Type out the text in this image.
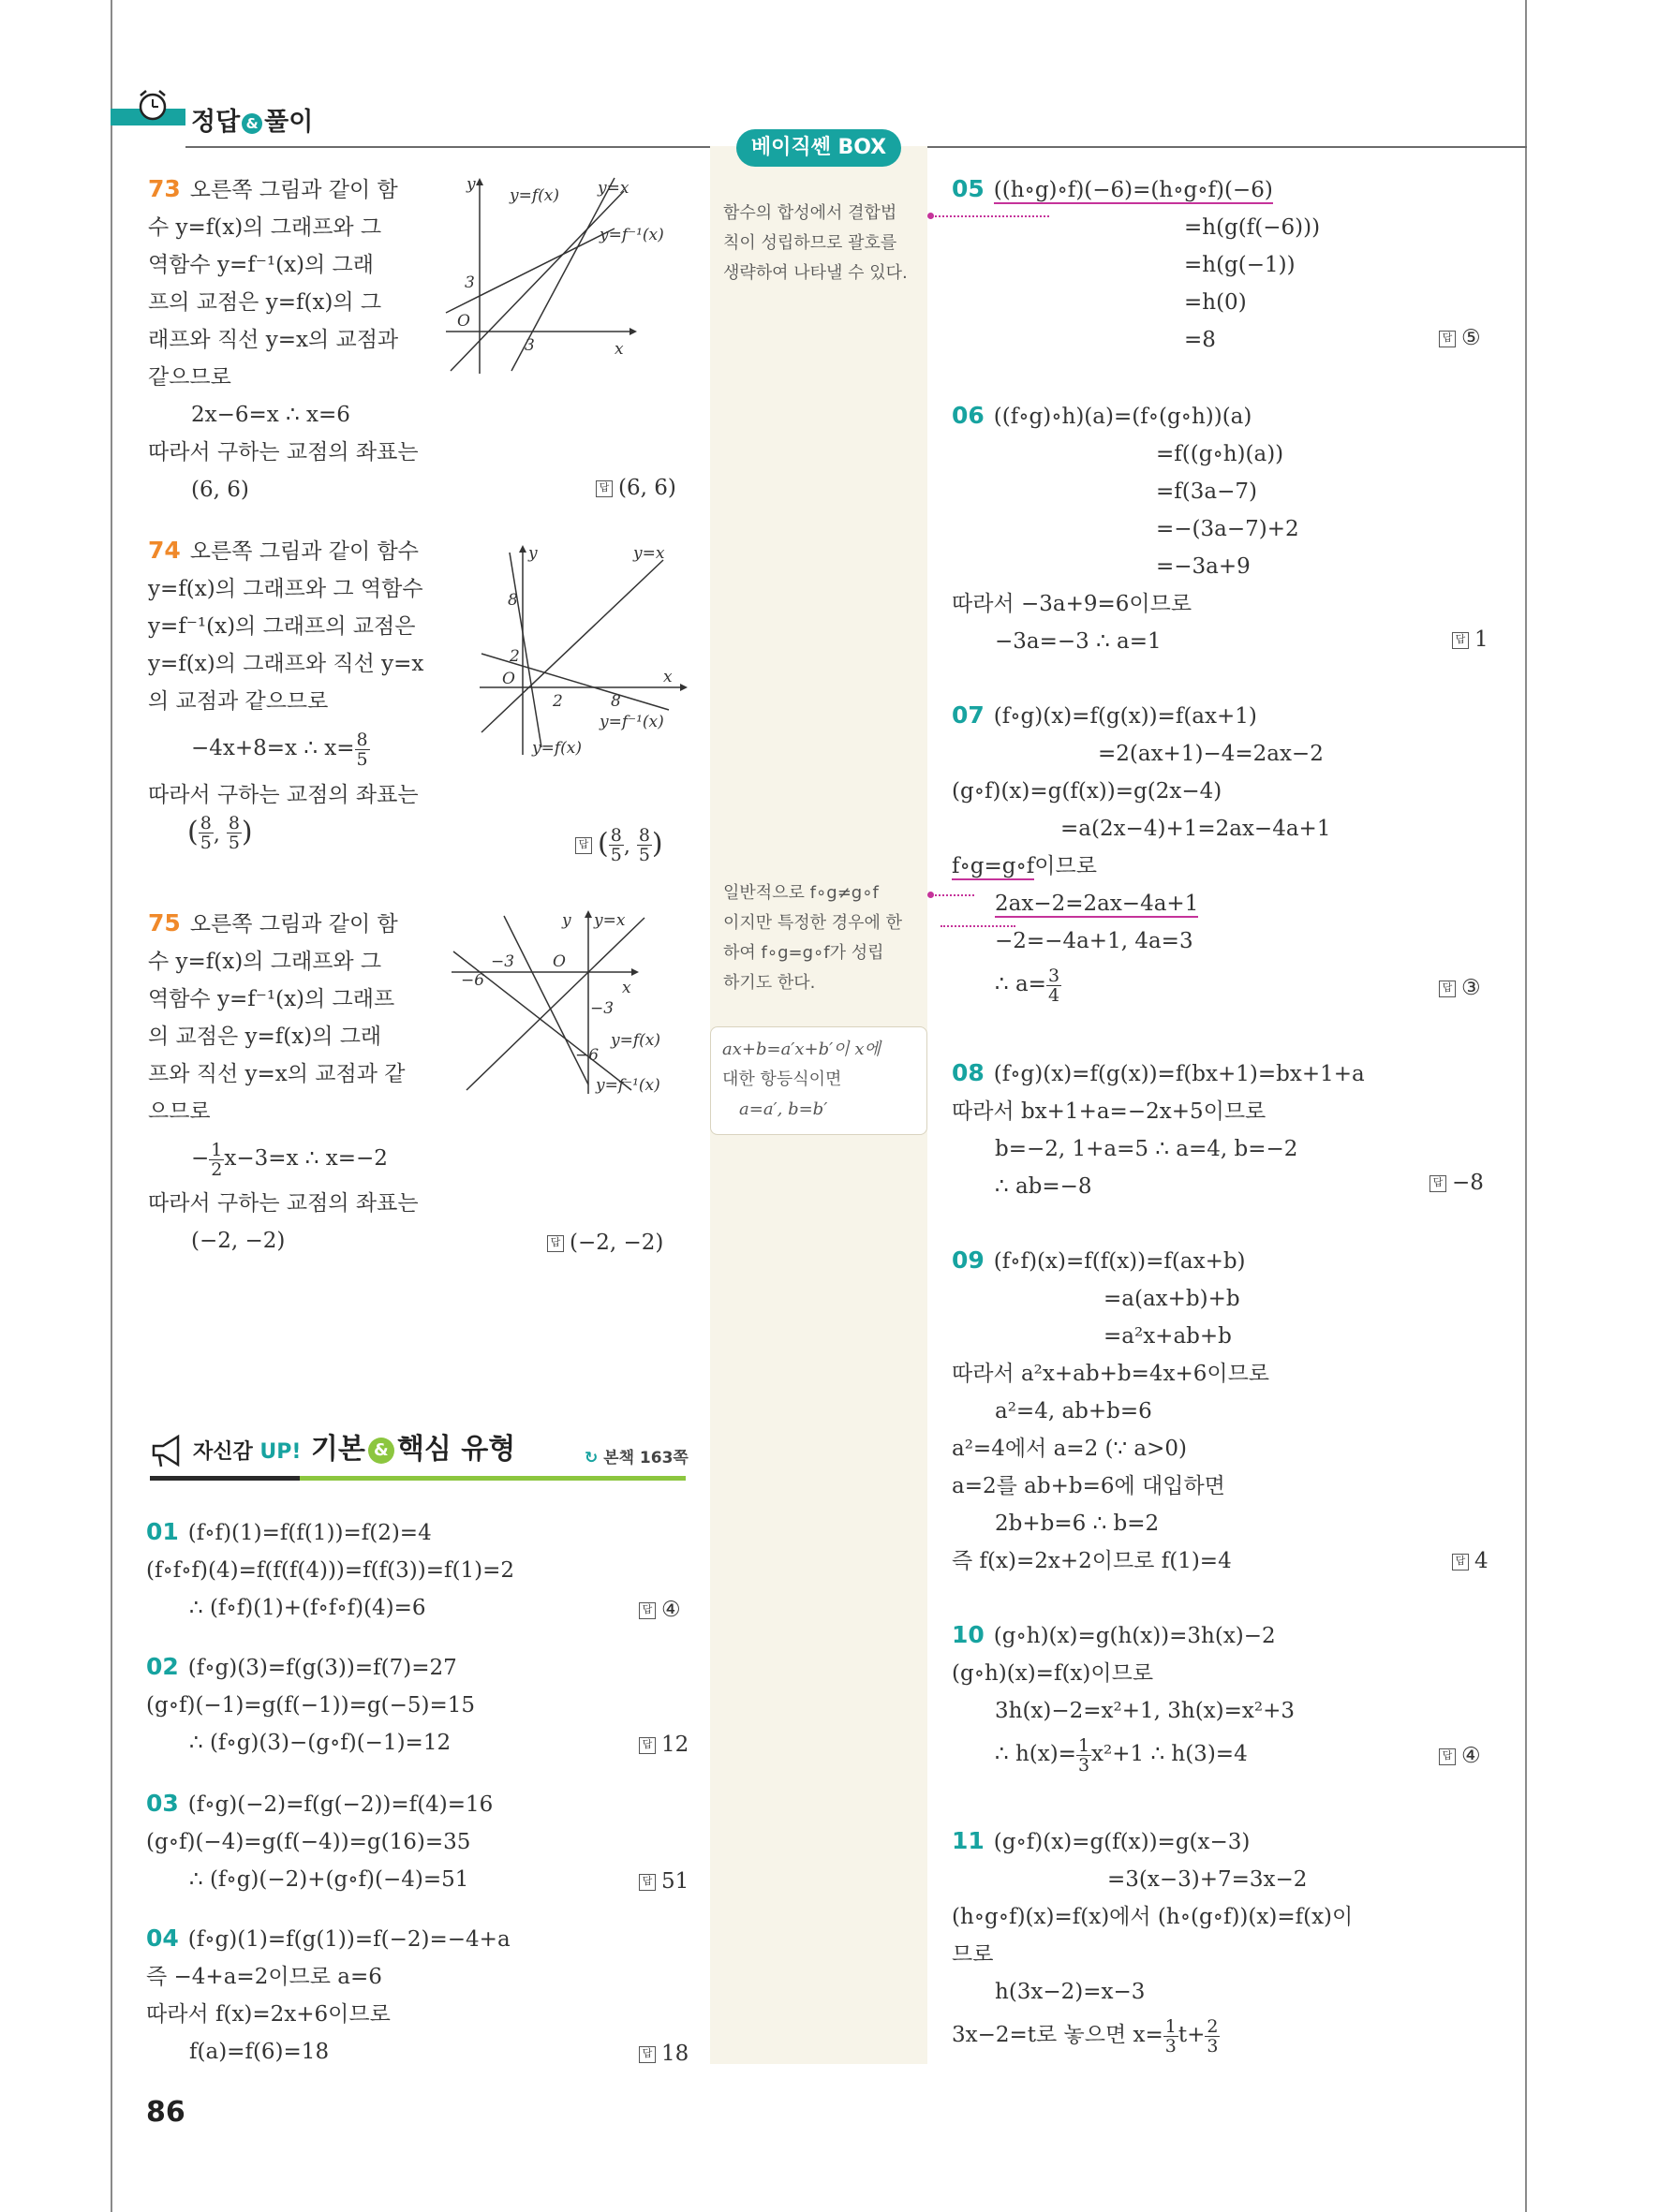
정답 & 풀이
베이직쎈 BOX
함수의 합성에서 결합법
칙이 성립하므로 괄호를
생략하여 나타낼 수 있다.
일반적으로 f∘g≠g∘f
이지만 특정한 경우에 한
하여 f∘g=g∘f가 성립
하기도 한다.
ax+b=a′x+b′이 x에
대한 항등식이면
a=a′, b=b′
73 오른쪽 그림과 같이 함
수 y=f(x)의 그래프와 그
역함수 y=f⁻¹(x)의 그래
프의 교점은 y=f(x)의 그
래프와 직선 y=x의 교점과
같으므로
2x−6=x ∴ x=6
따라서 구하는 교점의 좌표는
(6, 6)	답 (6, 6)
y
x
O
y=f(x) y=x
y=f⁻¹(x)
3
3
74 오른쪽 그림과 같이 함수
y=f(x)의 그래프와 그 역함수
y=f⁻¹(x)의 그래프의 교점은
y=f(x)의 그래프와 직선 y=x
의 교점과 같으므로
−4x+8=x ∴ $x= \frac{8}{5}$
따라서 구하는 교점의 좌표는
( $\frac{8}{5}$ , $\frac{8}{5}$ )	답 ( $\frac{8}{5}$ , $\frac{8}{5}$ )
y
x
O
y=x
y=f⁻¹(x)
y=f(x)
8
2
2	8
75 오른쪽 그림과 같이 함
수 y=f(x)의 그래프와 그
역함수 y=f⁻¹(x)의 그래프
의 교점은 y=f(x)의 그래
프와 직선 y=x의 교점과 같
으므로
− $\frac{1}{2} x-3=x$ ∴ x=−2
따라서 구하는 교점의 좌표는
(−2, −2)	답 (−2, −2)
y
x
O
y=x
y=f(x)
y=f⁻¹(x)
−3
−6
−3
−6
자신감 UP! 기본 & 핵심 유형	↻ 본책 163쪽
01 (f∘f)(1)=f(f(1))=f(2)=4
(f∘f∘f)(4)=f(f(f(4)))=f(f(3))=f(1)=2
∴ (f∘f)(1)+(f∘f∘f)(4)=6	답 ④
02 (f∘g)(3)=f(g(3))=f(7)=27
(g∘f)(−1)=g(f(−1))=g(−5)=15
∴ (f∘g)(3)−(g∘f)(−1)=12	답 12
03 (f∘g)(−2)=f(g(−2))=f(4)=16
(g∘f)(−4)=g(f(−4))=g(16)=35
∴ (f∘g)(−2)+(g∘f)(−4)=51	답 51
04 (f∘g)(1)=f(g(1))=f(−2)=−4+a
즉 −4+a=2이므로 a=6
따라서 f(x)=2x+6이므로
f(a)=f(6)=18	답 18
05 ((h∘g)∘f)(−6)=(h∘g∘f)(−6)
=h(g(f(−6)))
=h(g(−1))
=h(0)
=8	답 ⑤
06 ((f∘g)∘h)(a)=(f∘(g∘h))(a)
=f((g∘h)(a))
=f(3a−7)
=−(3a−7)+2
=−3a+9
따라서 −3a+9=6이므로
−3a=−3 ∴ a=1	답 1
07 (f∘g)(x)=f(g(x))=f(ax+1)
=2(ax+1)−4=2ax−2
(g∘f)(x)=g(f(x))=g(2x−4)
=a(2x−4)+1=2ax−4a+1
f∘g=g∘f이므로
2ax−2=2ax−4a+1
−2=−4a+1, 4a=3
∴ $a= \frac{3}{4}$	답 ③
08 (f∘g)(x)=f(g(x))=f(bx+1)=bx+1+a
따라서 bx+1+a=−2x+5이므로
b=−2, 1+a=5 ∴ a=4, b=−2
∴ ab=−8	답 −8
09 (f∘f)(x)=f(f(x))=f(ax+b)
=a(ax+b)+b
=a²x+ab+b
따라서 a²x+ab+b=4x+6이므로
a²=4, ab+b=6
a²=4에서 a=2 (∵ a>0)
a=2를 ab+b=6에 대입하면
2b+b=6 ∴ b=2
즉 f(x)=2x+2이므로 f(1)=4	답 4
10 (g∘h)(x)=g(h(x))=3h(x)−2
(g∘h)(x)=f(x)이므로
3h(x)−2=x²+1, 3h(x)=x²+3
∴ $h(x)= \frac{1}{3} x^2+1$ ∴ h(3)=4	답 ④
11 (g∘f)(x)=g(f(x))=g(x−3)
=3(x−3)+7=3x−2
(h∘g∘f)(x)=f(x)에서 (h∘(g∘f))(x)=f(x)이
므로
h(3x−2)=x−3
3x−2=t로 놓으면 $x= \frac{1}{3} t+ \frac{2}{3}$
86
